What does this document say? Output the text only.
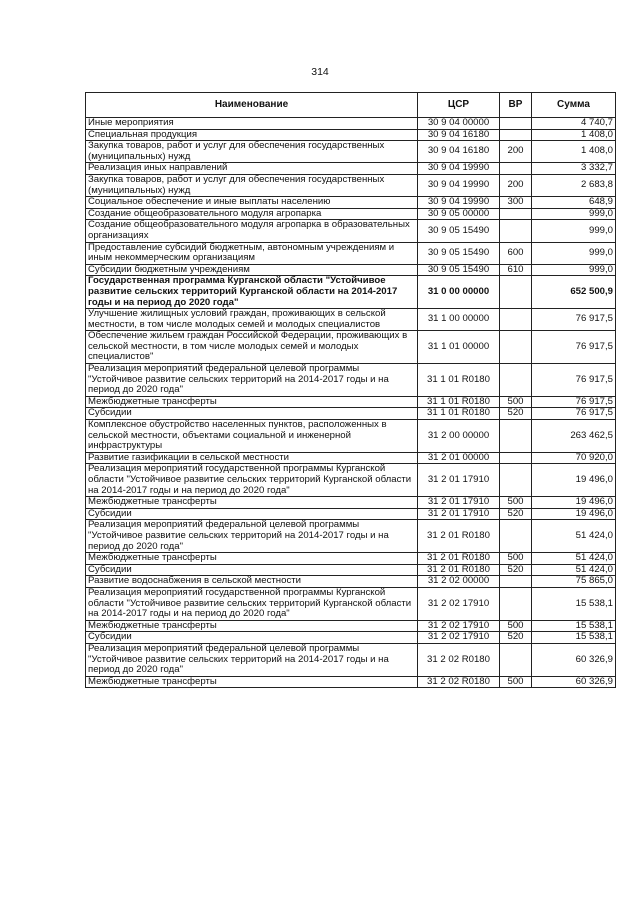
314
Наименование	ЦСР	ВР	Сумма
Иные мероприятия	30 9 04 00000		4 740,7
Специальная продукция	30 9 04 16180		1 408,0
Закупка товаров, работ и услуг для обеспечения государственных (муниципальных) нужд	30 9 04 16180	200	1 408,0
Реализация иных направлений	30 9 04 19990		3 332,7
Закупка товаров, работ и услуг для обеспечения государственных (муниципальных) нужд	30 9 04 19990	200	2 683,8
Социальное обеспечение и иные выплаты населению	30 9 04 19990	300	648,9
Создание общеобразовательного модуля агропарка	30 9 05 00000		999,0
Создание общеобразовательного модуля агропарка в образовательных организациях	30 9 05 15490		999,0
Предоставление субсидий бюджетным, автономным учреждениям и иным некоммерческим организациям	30 9 05 15490	600	999,0
Субсидии бюджетным учреждениям	30 9 05 15490	610	999,0
Государственная программа Курганской области "Устойчивое развитие сельских территорий Курганской области на 2014-2017 годы и на период до 2020 года"	31 0 00 00000		652 500,9
Улучшение жилищных условий граждан, проживающих в сельской местности, в том числе молодых семей и молодых специалистов	31 1 00 00000		76 917,5
Обеспечение жильем граждан Российской Федерации, проживающих в сельской местности, в том числе молодых семей и молодых специалистов"	31 1 01 00000		76 917,5
Реализация мероприятий федеральной целевой программы "Устойчивое развитие сельских территорий на 2014-2017 годы и на период до 2020 года"	31 1 01 R0180		76 917,5
Межбюджетные трансферты	31 1 01 R0180	500	76 917,5
Субсидии	31 1 01 R0180	520	76 917,5
Комплексное обустройство населенных пунктов, расположенных в сельской местности, объектами социальной и инженерной инфраструктуры	31 2 00 00000		263 462,5
Развитие газификации в сельской местности	31 2 01 00000		70 920,0
Реализация мероприятий государственной программы Курганской области "Устойчивое развитие сельских территорий Курганской области на 2014-2017 годы и на период до 2020 года"	31 2 01 17910		19 496,0
Межбюджетные трансферты	31 2 01 17910	500	19 496,0
Субсидии	31 2 01 17910	520	19 496,0
Реализация мероприятий федеральной целевой программы "Устойчивое развитие сельских территорий на 2014-2017 годы и на период до 2020 года"	31 2 01 R0180		51 424,0
Межбюджетные трансферты	31 2 01 R0180	500	51 424,0
Субсидии	31 2 01 R0180	520	51 424,0
Развитие водоснабжения в сельской местности	31 2 02 00000		75 865,0
Реализация мероприятий государственной программы Курганской области "Устойчивое развитие сельских территорий Курганской области на 2014-2017 годы и на период до 2020 года"	31 2 02 17910		15 538,1
Межбюджетные трансферты	31 2 02 17910	500	15 538,1
Субсидии	31 2 02 17910	520	15 538,1
Реализация мероприятий федеральной целевой программы "Устойчивое развитие сельских территорий на 2014-2017 годы и на период до 2020 года"	31 2 02 R0180		60 326,9
Межбюджетные трансферты	31 2 02 R0180	500	60 326,9
